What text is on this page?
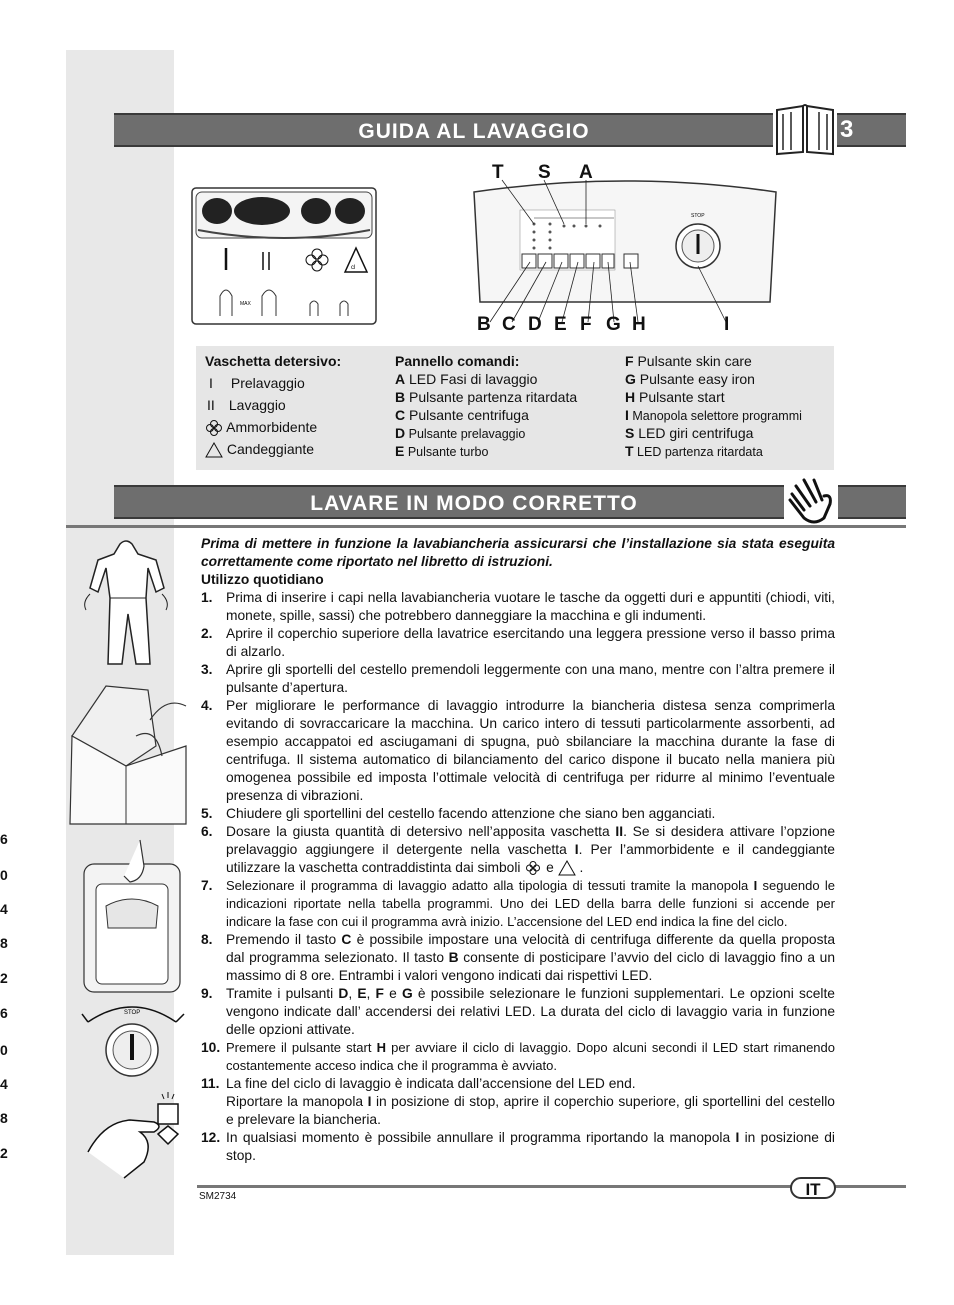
GUIDA AL LAVAGGIO	3
cl
MAX
STOP
T S A
B C D E F G H	I
Vaschetta detersivo:
I Prelavaggio
II Lavaggio
Ammorbidente
Candeggiante
Pannello comandi:
A LED Fasi di lavaggio
B Pulsante partenza ritardata
C Pulsante centrifuga
D Pulsante prelavaggio
E Pulsante turbo
F Pulsante skin care
G Pulsante easy iron
H Pulsante start
I Manopola selettore programmi
S LED giri centrifuga
T LED partenza ritardata
LAVARE IN MODO CORRETTO
STOP
6
0
4
8
2
6
0
4
8
2
Prima di mettere in funzione la lavabiancheria assicurarsi che l’installazione sia stata eseguita correttamente come riportato nel libretto di istruzioni.
Utilizzo quotidiano
1. Prima di inserire i capi nella lavabiancheria vuotare le tasche da oggetti duri e appuntiti (chiodi, viti, monete, spille, sassi) che potrebbero danneggiare la macchina e gli indumenti.
2. Aprire il coperchio superiore della lavatrice esercitando una leggera pressione verso il basso prima di alzarlo.
3. Aprire gli sportelli del cestello premendoli leggermente con una mano, mentre con l’altra premere il pulsante d’apertura.
4. Per migliorare le performance di lavaggio introdurre la biancheria distesa senza comprimerla evitando di sovraccaricare la macchina. Un carico intero di tessuti particolarmente assorbenti, ad esempio accappatoi ed asciugamani di spugna, può sbilanciare la macchina durante la fase di centrifuga. Il sistema automatico di bilanciamento del carico dispone il bucato nella maniera più omogenea possibile ed imposta l’ottimale velocità di centrifuga per ridurre al minimo l’eventuale presenza di vibrazioni.
5. Chiudere gli sportellini del cestello facendo attenzione che siano ben agganciati.
6. Dosare la giusta quantità di detersivo nell’apposita vaschetta II. Se si desidera attivare l’opzione prelavaggio aggiungere il detergente nella vaschetta I. Per l’ammorbidente e il candeggiante utilizzare la vaschetta contraddistinta dai simboli  e  .
7. Selezionare il programma di lavaggio adatto alla tipologia di tessuti tramite la manopola I seguendo le indicazioni riportate nella tabella programmi. Uno dei LED della barra delle funzioni si accende per indicare la fase con cui il programma avrà inizio. L’accensione del LED end indica la fine del ciclo.
8. Premendo il tasto C è possibile impostare una velocità di centrifuga differente da quella proposta dal programma selezionato. Il tasto B consente di posticipare l’avvio del ciclo di lavaggio fino a un massimo di 8 ore. Entrambi i valori vengono indicati dai rispettivi LED.
9. Tramite i pulsanti D, E, F e G è possibile selezionare le funzioni supplementari. Le opzioni scelte vengono indicate dall’ accendersi dei relativi LED. La durata del ciclo di lavaggio varia in funzione delle opzioni attivate.
10. Premere il pulsante start H per avviare il ciclo di lavaggio. Dopo alcuni secondi il LED start rimanendo costantemente acceso indica che il programma è avviato.
11. La fine del ciclo di lavaggio è indicata dall’accensione del LED end.
Riportare la manopola I in posizione di stop, aprire il coperchio superiore, gli sportellini del cestello e prelevare la biancheria.
12. In qualsiasi momento è possibile annullare il programma riportando la manopola I in posizione di stop.
IT
SM2734
